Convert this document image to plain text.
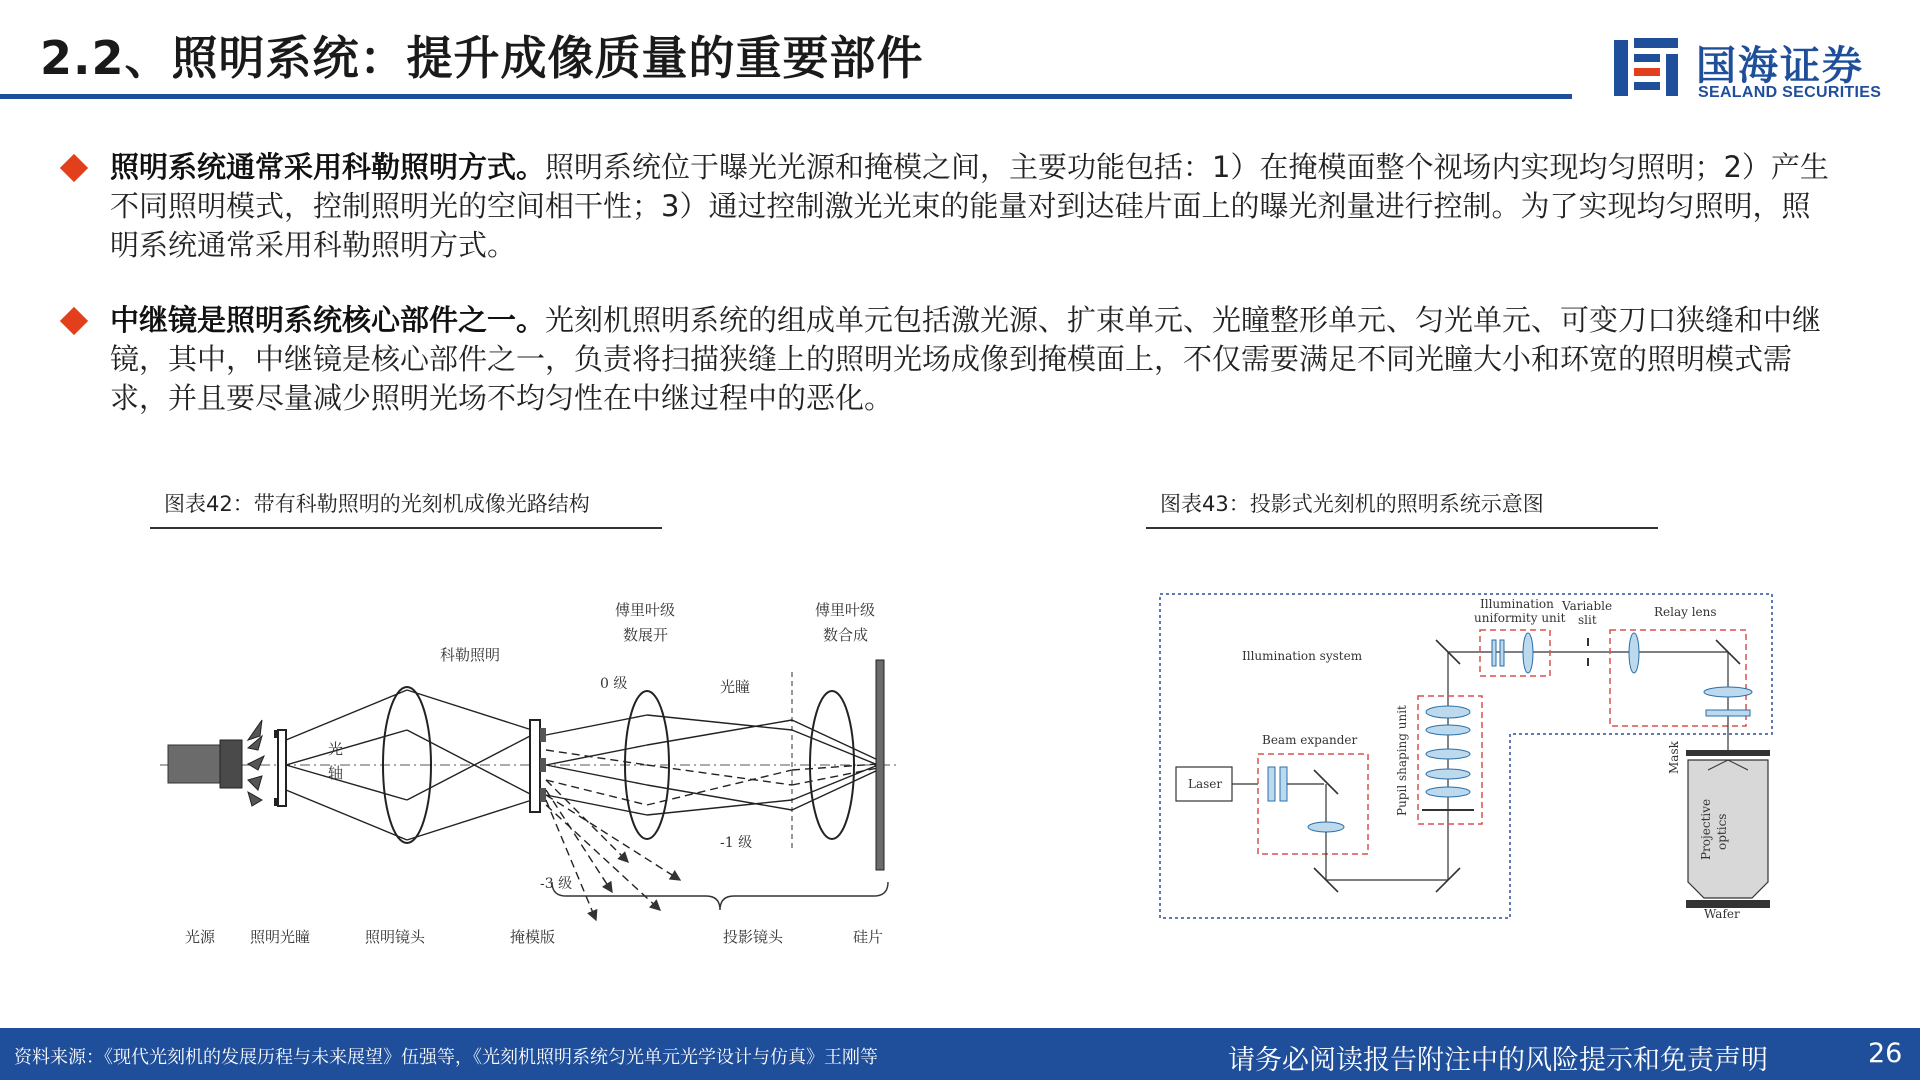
2.2、照明系统：提升成像质量的重要部件	国海证券
SEALAND SECURITIES
照明系统通常采用科勒照明方式。照明系统位于曝光光源和掩模之间，主要功能包括：1）在掩模面整个视场内实现均匀照明；2）产生不同照明模式，控制照明光的空间相干性；3）通过控制激光光束的能量对到达硅片面上的曝光剂量进行控制。为了实现均匀照明，照明系统通常采用科勒照明方式。
中继镜是照明系统核心部件之一。光刻机照明系统的组成单元包括激光源、扩束单元、光瞳整形单元、匀光单元、可变刀口狭缝和中继镜，其中，中继镜是核心部件之一，负责将扫描狭缝上的照明光场成像到掩模面上，不仅需要满足不同光瞳大小和环宽的照明模式需求，并且要尽量减少照明光场不均匀性在中继过程中的恶化。
图表42：带有科勒照明的光刻机成像光路结构
科勒照明
傅里叶级
数展开
傅里叶级
数合成
0 级	光瞳
光
轴
-1 级
-3 级
光源 照明光瞳	照明镜头	掩模版	投影镜头	硅片
图表43：投影式光刻机的照明系统示意图
Illumination
uniformity unit
Variable
slit
Relay lens
Illumination system
Beam expander
Laser	Pupil shaping unit	Mask
Projective optics
Wafer
资料来源：《现代光刻机的发展历程与未来展望》伍强等，《光刻机照明系统匀光单元光学设计与仿真》王刚等	请务必阅读报告附注中的风险提示和免责声明	26
